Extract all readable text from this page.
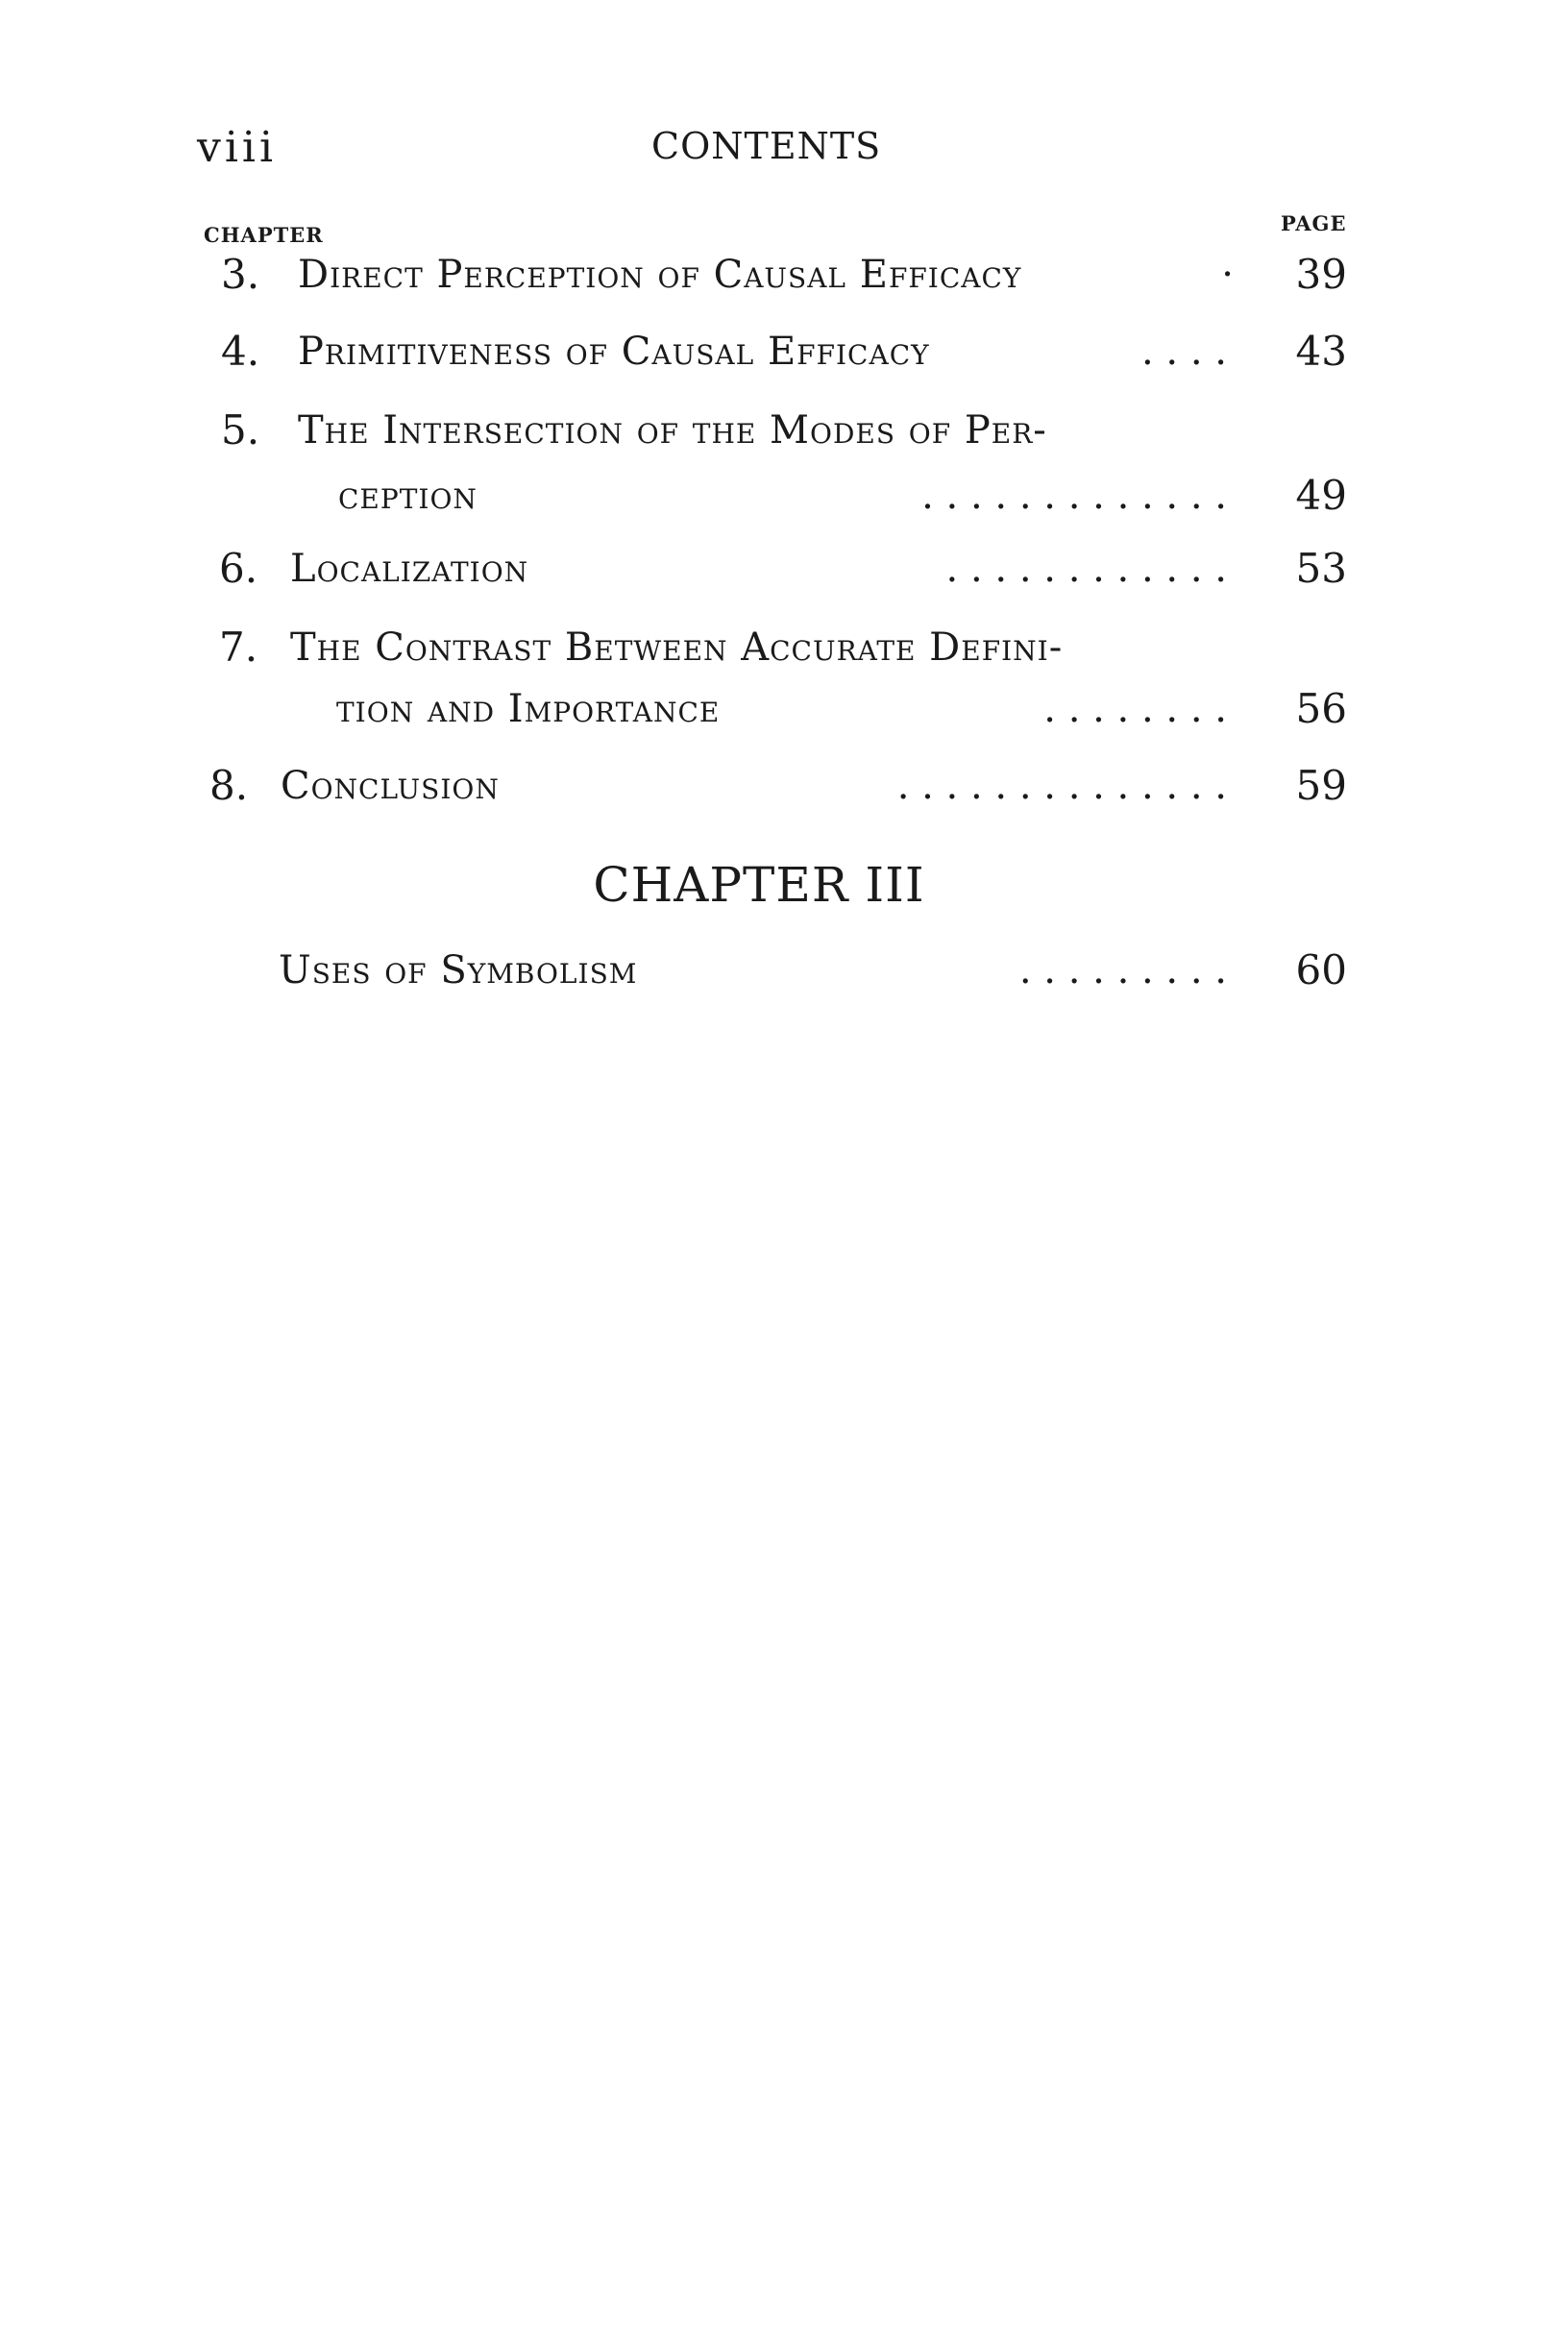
viii	CONTENTS
CHAPTER	PAGE
3. Direct Perception of Causal Efficacy	·	39
4. Primitiveness of Causal Efficacy	. . . .	43
5. The Intersection of the Modes of Per-
ception	. . . . . . . . . . . . .	49
6. Localization	. . . . . . . . . . . .	53
7. The Contrast Between Accurate Defini-
tion and Importance	. . . . . . . .	56
8. Conclusion	. . . . . . . . . . . . . .	59
CHAPTER III
Uses of Symbolism	. . . . . . . . .	60
